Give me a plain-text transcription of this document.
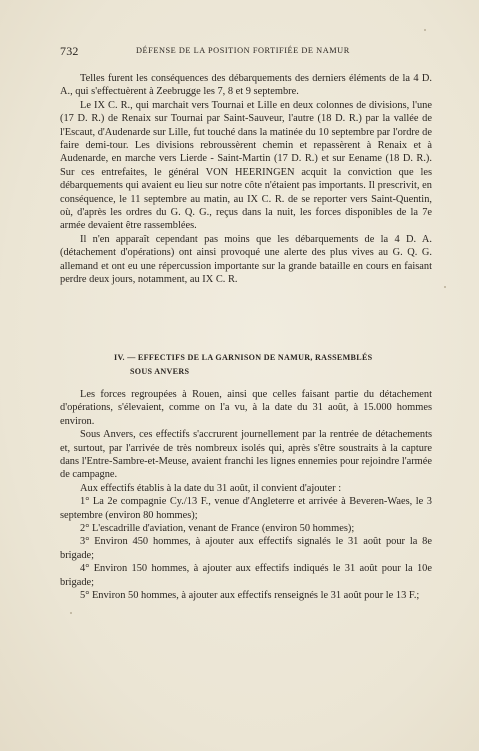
732	DÉFENSE DE LA POSITION FORTIFIÉE DE NAMUR

Telles furent les conséquences des débarquements des derniers éléments de la 4 D. A., qui s'effectuèrent à Zeebrugge les 7, 8 et 9 septembre.

Le IX C. R., qui marchait vers Tournai et Lille en deux colonnes de divisions, l'une (17 D. R.) de Renaix sur Tournai par Saint-Sauveur, l'autre (18 D. R.) par la vallée de l'Escaut, d'Audenarde sur Lille, fut touché dans la matinée du 10 septembre par l'ordre de faire demi-tour. Les divisions rebroussèrent chemin et repassèrent à Renaix et à Audenarde, en marche vers Lierde - Saint-Martin (17 D. R.) et sur Eename (18 D. R.). Sur ces entrefaites, le général VON HEERINGEN acquit la conviction que les débarquements qui avaient eu lieu sur notre côte n'étaient pas importants. Il prescrivit, en conséquence, le 11 septembre au matin, au IX C. R. de se reporter vers Saint-Quentin, où, d'après les ordres du G. Q. G., reçus dans la nuit, les forces disponibles de la 7e armée devaient être rassemblées.

Il n'en apparaît cependant pas moins que les débarquements de la 4 D. A. (détachement d'opérations) ont ainsi provoqué une alerte des plus vives au G. Q. G. allemand et ont eu une répercussion importante sur la grande bataille en cours en faisant perdre deux jours, notamment, au IX C. R.

IV. — EFFECTIFS DE LA GARNISON DE NAMUR, RASSEMBLÉS
SOUS ANVERS

Les forces regroupées à Rouen, ainsi que celles faisant partie du détachement d'opérations, s'élevaient, comme on l'a vu, à la date du 31 août, à 15.000 hommes environ.

Sous Anvers, ces effectifs s'accrurent journellement par la rentrée de détachements et, surtout, par l'arrivée de très nombreux isolés qui, après s'être soustraits à la capture dans l'Entre-Sambre-et-Meuse, avaient franchi les lignes ennemies pour rejoindre l'armée de campagne.

Aux effectifs établis à la date du 31 août, il convient d'ajouter :

1° La 2e compagnie Cy./13 F., venue d'Angleterre et arrivée à Beveren-Waes, le 3 septembre (environ 80 hommes);

2° L'escadrille d'aviation, venant de France (environ 50 hommes);

3° Environ 450 hommes, à ajouter aux effectifs signalés le 31 août pour la 8e brigade;

4° Environ 150 hommes, à ajouter aux effectifs indiqués le 31 août pour la 10e brigade;

5° Environ 50 hommes, à ajouter aux effectifs renseignés le 31 août pour le 13 F.;
